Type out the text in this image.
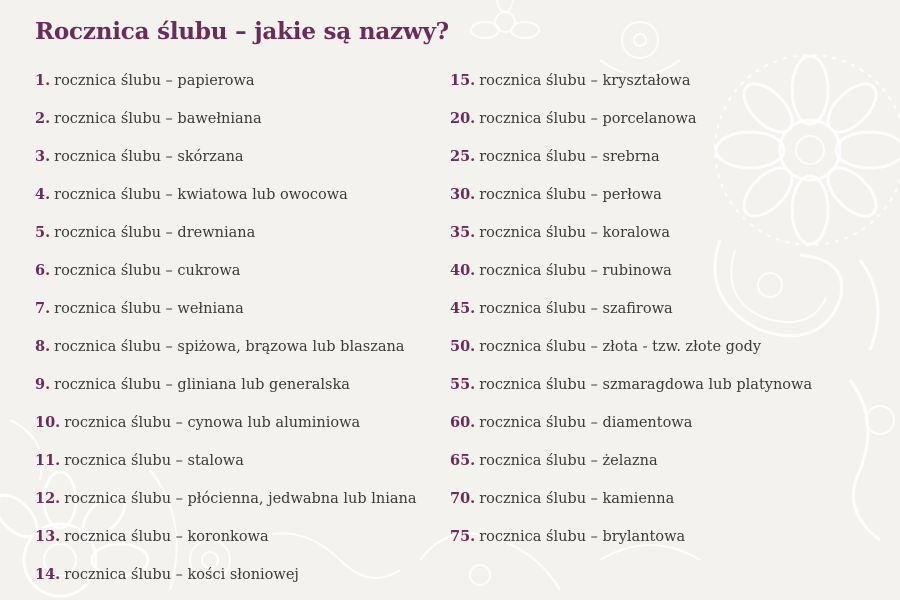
Rocznica ślubu – jakie są nazwy?
1. rocznica ślubu – papierowa
2. rocznica ślubu – bawełniana
3. rocznica ślubu – skórzana
4. rocznica ślubu – kwiatowa lub owocowa
5. rocznica ślubu – drewniana
6. rocznica ślubu – cukrowa
7. rocznica ślubu – wełniana
8. rocznica ślubu – spiżowa, brązowa lub blaszana
9. rocznica ślubu – gliniana lub generalska
10. rocznica ślubu – cynowa lub aluminiowa
11. rocznica ślubu – stalowa
12. rocznica ślubu – płócienna, jedwabna lub lniana
13. rocznica ślubu – koronkowa
14. rocznica ślubu – kości słoniowej
15. rocznica ślubu – kryształowa
20. rocznica ślubu – porcelanowa
25. rocznica ślubu – srebrna
30. rocznica ślubu – perłowa
35. rocznica ślubu – koralowa
40. rocznica ślubu – rubinowa
45. rocznica ślubu – szafirowa
50. rocznica ślubu – złota - tzw. złote gody
55. rocznica ślubu – szmaragdowa lub platynowa
60. rocznica ślubu – diamentowa
65. rocznica ślubu – żelazna
70. rocznica ślubu – kamienna
75. rocznica ślubu – brylantowa
